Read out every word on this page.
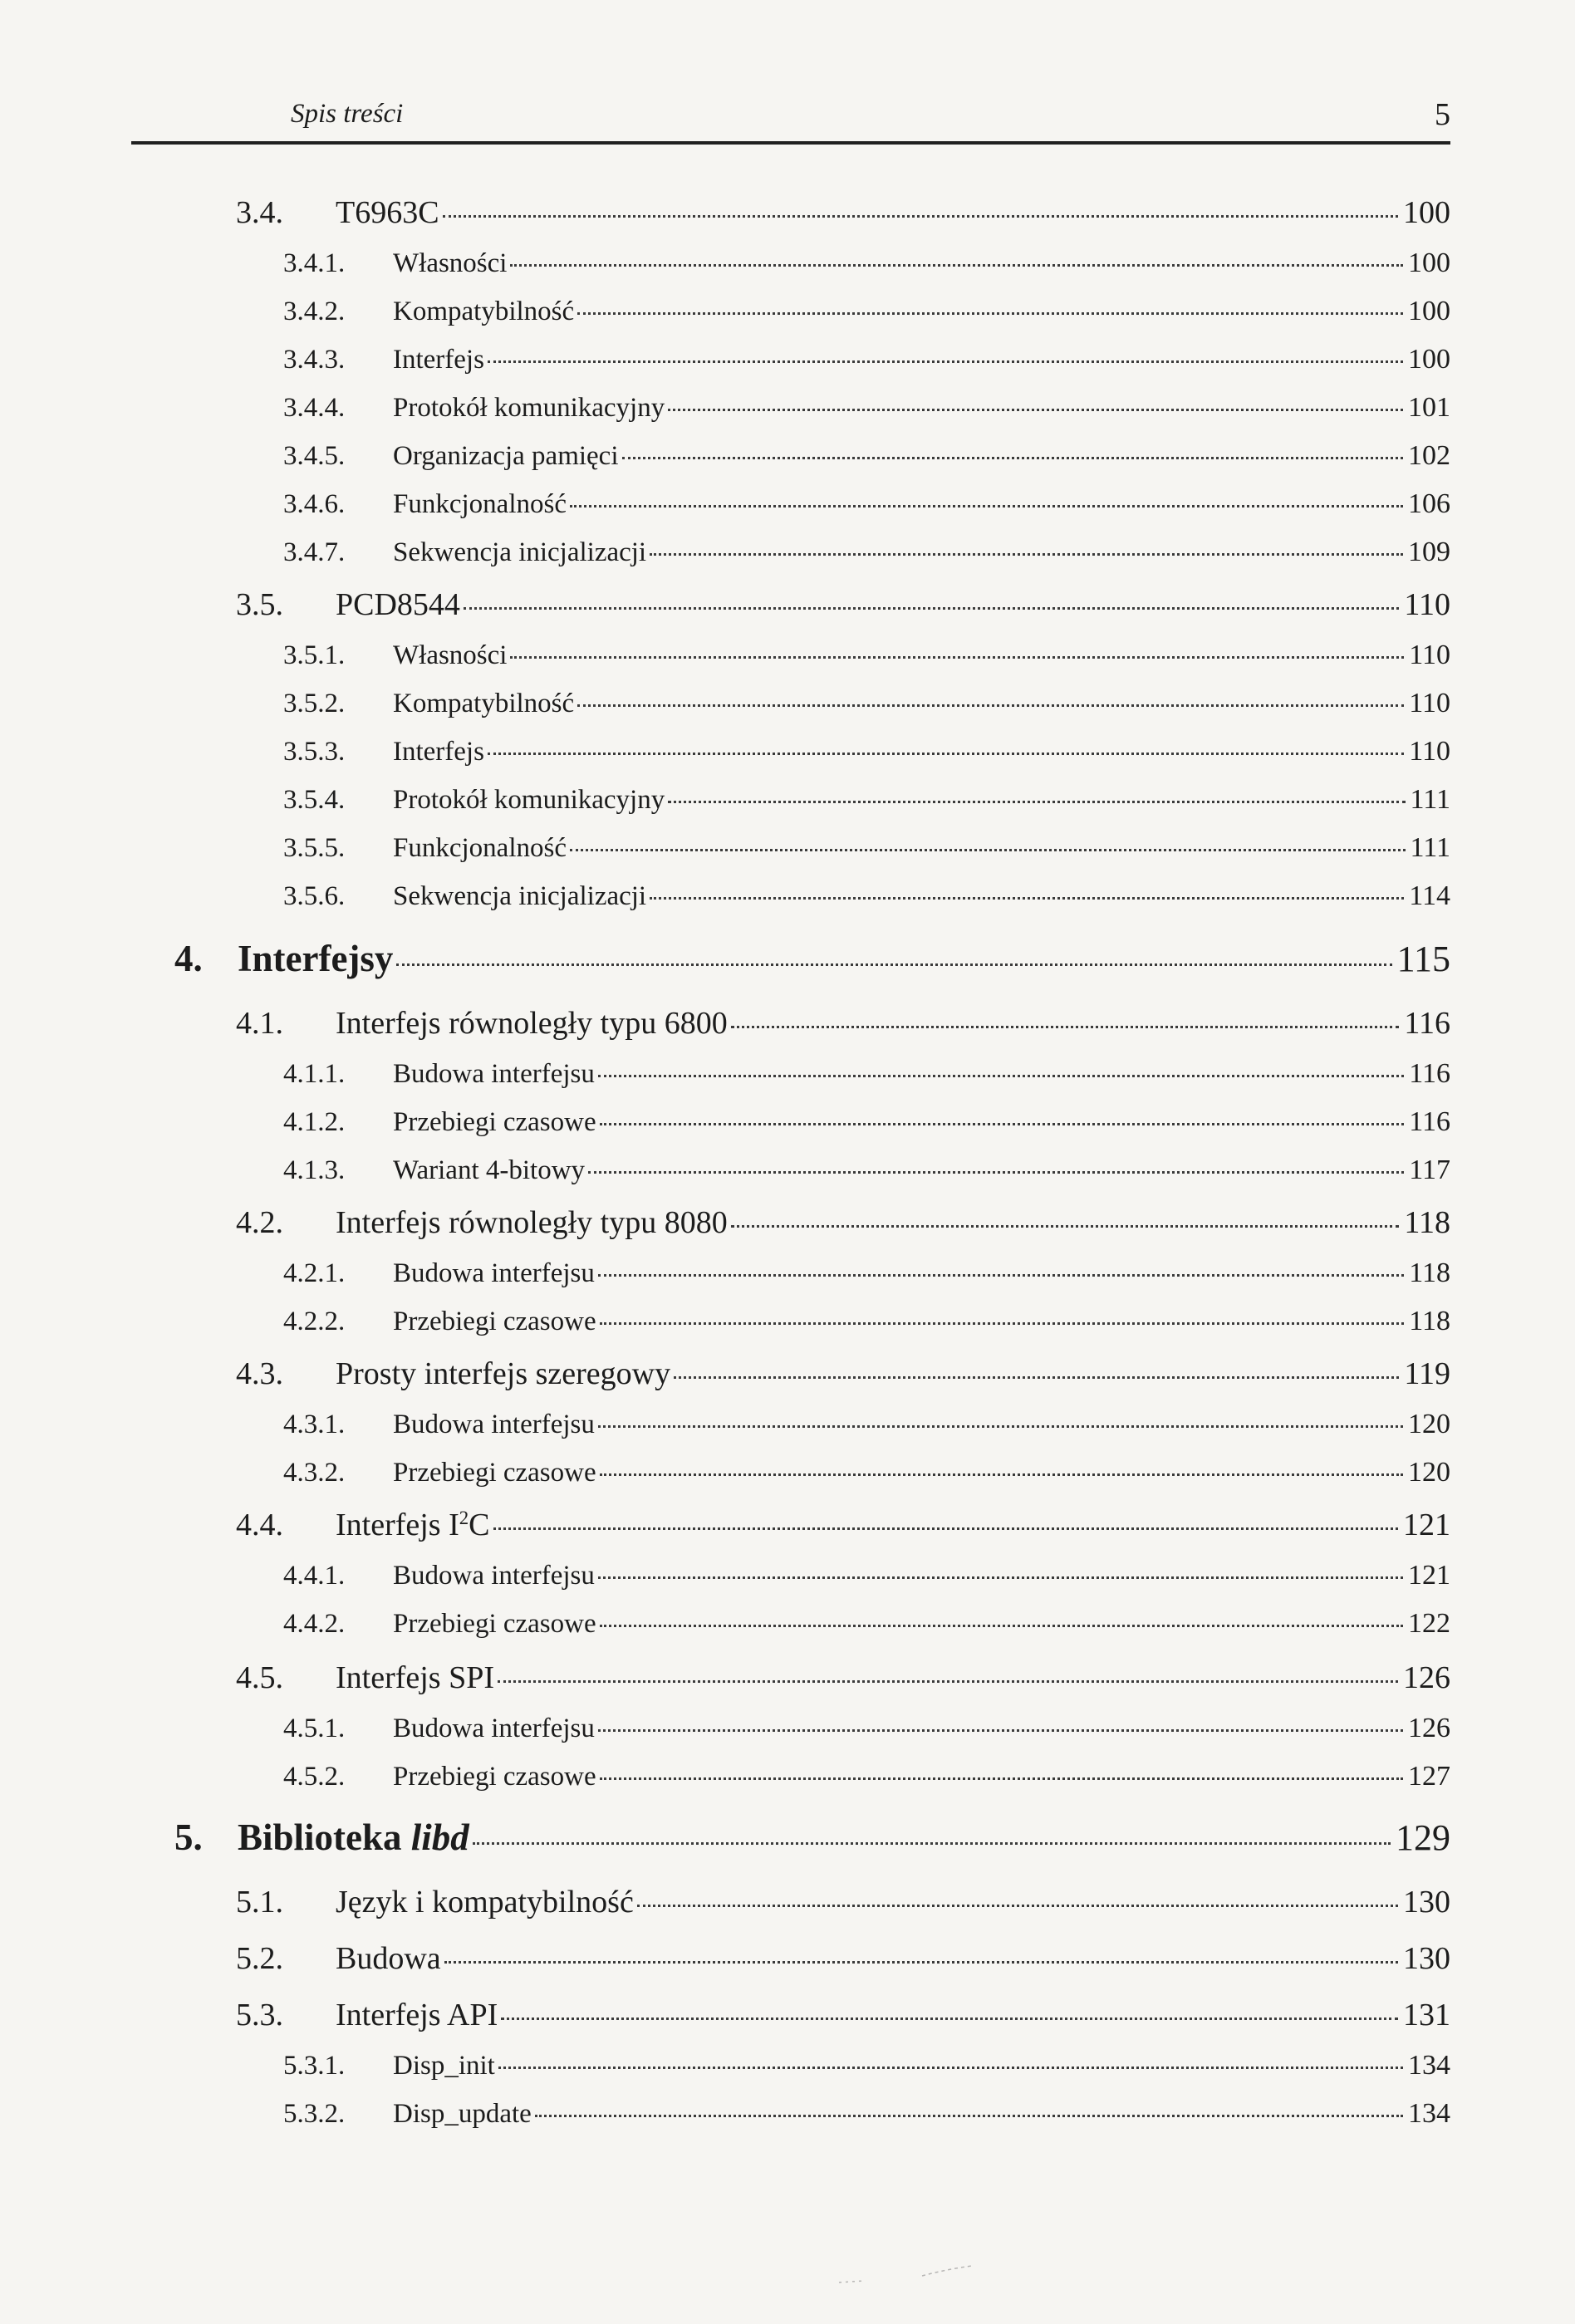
Spis treści	5
3.4.	T6963C	100
3.4.1.	Własności	100
3.4.2.	Kompatybilność	100
3.4.3.	Interfejs	100
3.4.4.	Protokół komunikacyjny	101
3.4.5.	Organizacja pamięci	102
3.4.6.	Funkcjonalność	106
3.4.7.	Sekwencja inicjalizacji	109
3.5.	PCD8544	110
3.5.1.	Własności	110
3.5.2.	Kompatybilność	110
3.5.3.	Interfejs	110
3.5.4.	Protokół komunikacyjny	111
3.5.5.	Funkcjonalność	111
3.5.6.	Sekwencja inicjalizacji	114
4. Interfejsy	115
4.1.	Interfejs równoległy typu 6800	116
4.1.1.	Budowa interfejsu	116
4.1.2.	Przebiegi czasowe	116
4.1.3.	Wariant 4-bitowy	117
4.2.	Interfejs równoległy typu 8080	118
4.2.1.	Budowa interfejsu	118
4.2.2.	Przebiegi czasowe	118
4.3.	Prosty interfejs szeregowy	119
4.3.1.	Budowa interfejsu	120
4.3.2.	Przebiegi czasowe	120
4.4.	Interfejs $I^2C$	121
4.4.1.	Budowa interfejsu	121
4.4.2.	Przebiegi czasowe	122
4.5.	Interfejs SPI	126
4.5.1.	Budowa interfejsu	126
4.5.2.	Przebiegi czasowe	127
5. Biblioteka libd	129
5.1.	Język i kompatybilność	130
5.2.	Budowa	130
5.3.	Interfejs API	131
5.3.1.	Disp_init	134
5.3.2.	Disp_update	134
